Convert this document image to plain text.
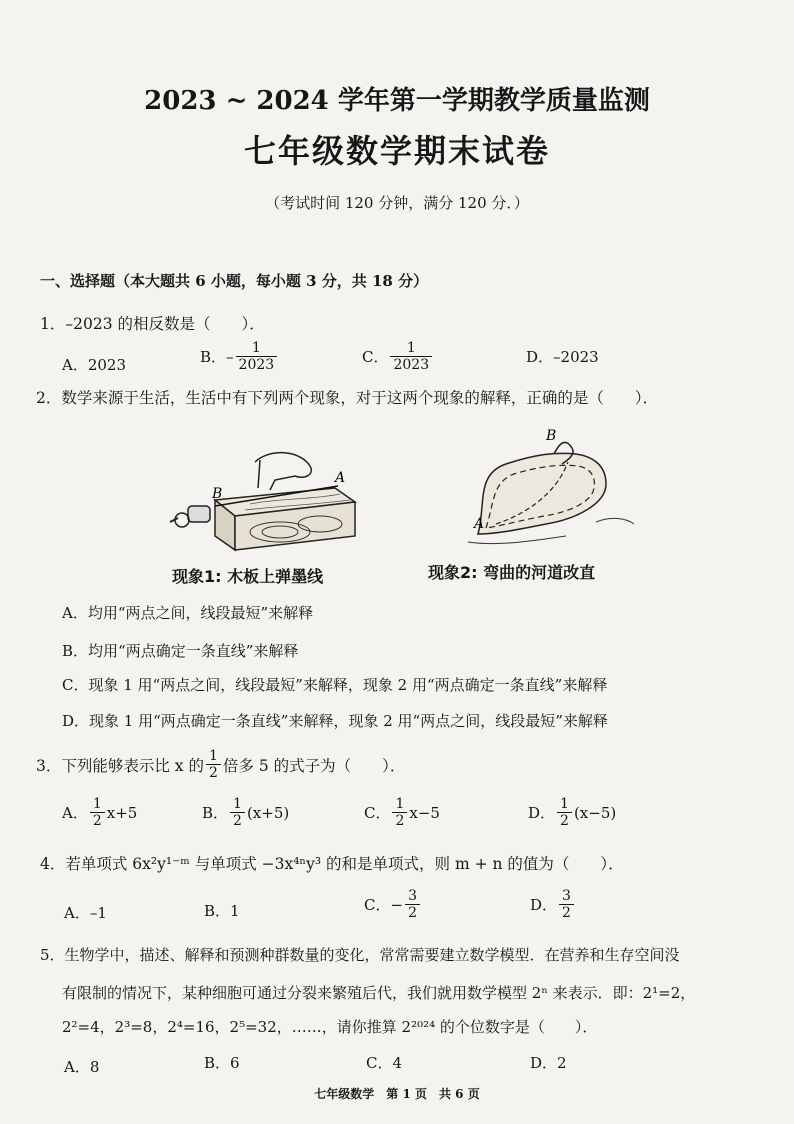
2023 ~ 2024 学年第一学期教学质量监测
七年级数学期末试卷
（考试时间 120 分钟，满分 120 分．）
一、选择题（本大题共 6 小题，每小题 3 分，共 18 分）
1．–2023 的相反数是（　　）．
A．2023	B． – $\frac{1}{2023}$	C． $\frac{1}{2023}$	D．–2023
2．数学来源于生活，生活中有下列两个现象，对于这两个现象的解释，正确的是（　　）．
B
A
A
B
现象1: 木板上弹墨线	现象2: 弯曲的河道改直
A．均用“两点之间，线段最短”来解释
B．均用“两点确定一条直线”来解释
C．现象 1 用“两点之间，线段最短”来解释，现象 2 用“两点确定一条直线”来解释
D．现象 1 用“两点确定一条直线”来解释，现象 2 用“两点之间，线段最短”来解释
3．下列能够表示比 x 的 $\frac{1}{2}$ 倍多 5 的式子为（　　）．
A． $\frac{1}{2} x+5$	B． $\frac{1}{2} (x+5)$	C． $\frac{1}{2} x-5$	D． $\frac{1}{2} (x-5)$
4．若单项式 6x²y¹⁻ᵐ 与单项式 −3x⁴ⁿy³ 的和是单项式，则 m + n 的值为（　　）．
A．–1	B．1	C． − $\frac{3}{2}$	D． $\frac{3}{2}$
5．生物学中，描述、解释和预测种群数量的变化，常常需要建立数学模型．在营养和生存空间没
有限制的情况下，某种细胞可通过分裂来繁殖后代，我们就用数学模型 2ⁿ 来表示．即：2¹=2，
2²=4，2³=8，2⁴=16，2⁵=32，……，请你推算 2²⁰²⁴ 的个位数字是（　　）．
A．8	B．6	C．4	D．2
七年级数学　第 1 页　共 6 页
